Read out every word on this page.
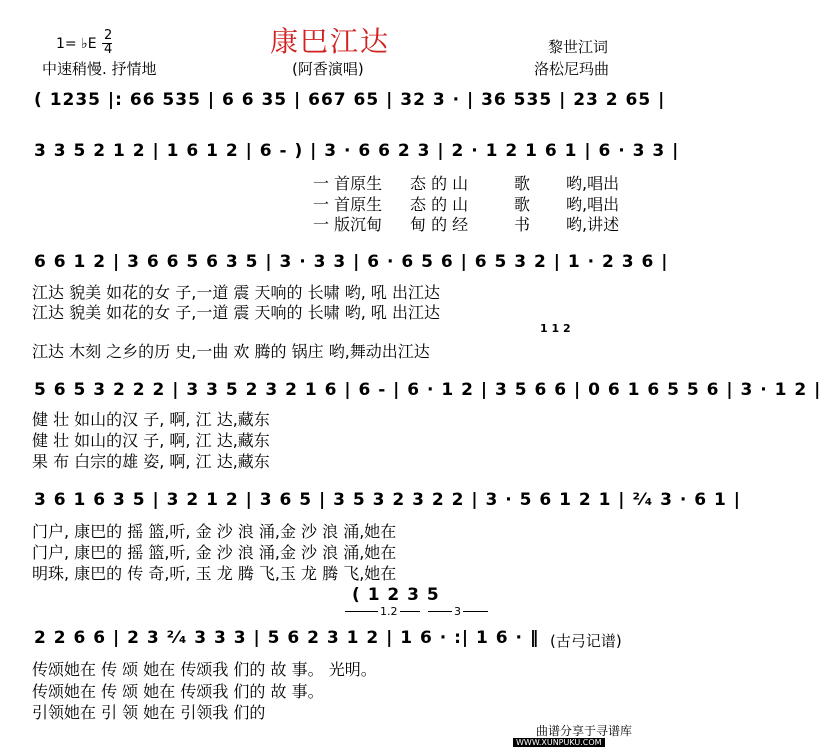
1= ♭E
2
4	康巴江达
中速稍慢. 抒情地	(阿香演唱)
黎世江词
洛松尼玛曲
( 1235 |: 66 535 | 6 6 35 | 667 65 | 32 3 · | 36 535 | 23 2 65 |
3 3 5 2 1 2 | 1 6 1 2 | 6 - ) | 3 · 6 6 2 3 | 2 · 1 2 1 6 1 | 6 · 3 3 |
一 首原生 态 的 山	歌 哟,唱出
一 首原生 态 的 山	歌 哟,唱出
一 版沉甸 甸 的 经	书 哟,讲述
6 6 1 2 | 3 6 6 5 6 3 5 | 3 · 3 3 | 6 · 6 5 6 | 6 5 3 2 | 1 · 2 3 6 |
江达 貌美 如花的女 子,一道 震 天响的 长啸 哟, 吼 出江达
江达 貌美 如花的女 子,一道 震 天响的 长啸 哟, 吼 出江达
1 1 2
江达 木刻 之乡的历 史,一曲 欢 腾的 锅庄 哟,舞动出江达
5 6 5 3 2 2 2 | 3 3 5 2 3 2 1 6 | 6 - | 6 · 1 2 | 3 5 6 6 | 0 6 1 6 5 5 6 | 3 · 1 2 |
健 壮 如山的汉 子, 啊, 江 达,藏东
健 壮 如山的汉 子, 啊, 江 达,藏东
果 布 白宗的雄 姿, 啊, 江 达,藏东
3 6 1 6 3 5 | 3 2 1 2 | 3 6 5 | 3 5 3 2 3 2 2 | 3 · 5 6 1 2 1 | ²⁄₄ 3 · 6 1 |
门户, 康巴的 摇 篮,听, 金 沙 浪 涌,金 沙 浪 涌,她在
门户, 康巴的 摇 篮,听, 金 沙 浪 涌,金 沙 浪 涌,她在
明珠, 康巴的 传 奇,听, 玉 龙 腾 飞,玉 龙 腾 飞,她在
( 1 2 3 5
1.2	3
2 2 6 6 | 2 3 ²⁄₄ 3 3 3 | 5 6 2 3 1 2 | 1 6 · :| 1 6 · ‖ (古弓记谱)
传颂她在 传 颂 她在 传颂我 们的 故 事。 光明。
传颂她在 传 颂 她在 传颂我 们的 故 事。
引领她在 引 领 她在 引领我 们的
曲谱分享于寻谱库
WWW.XUNPUKU.COM
